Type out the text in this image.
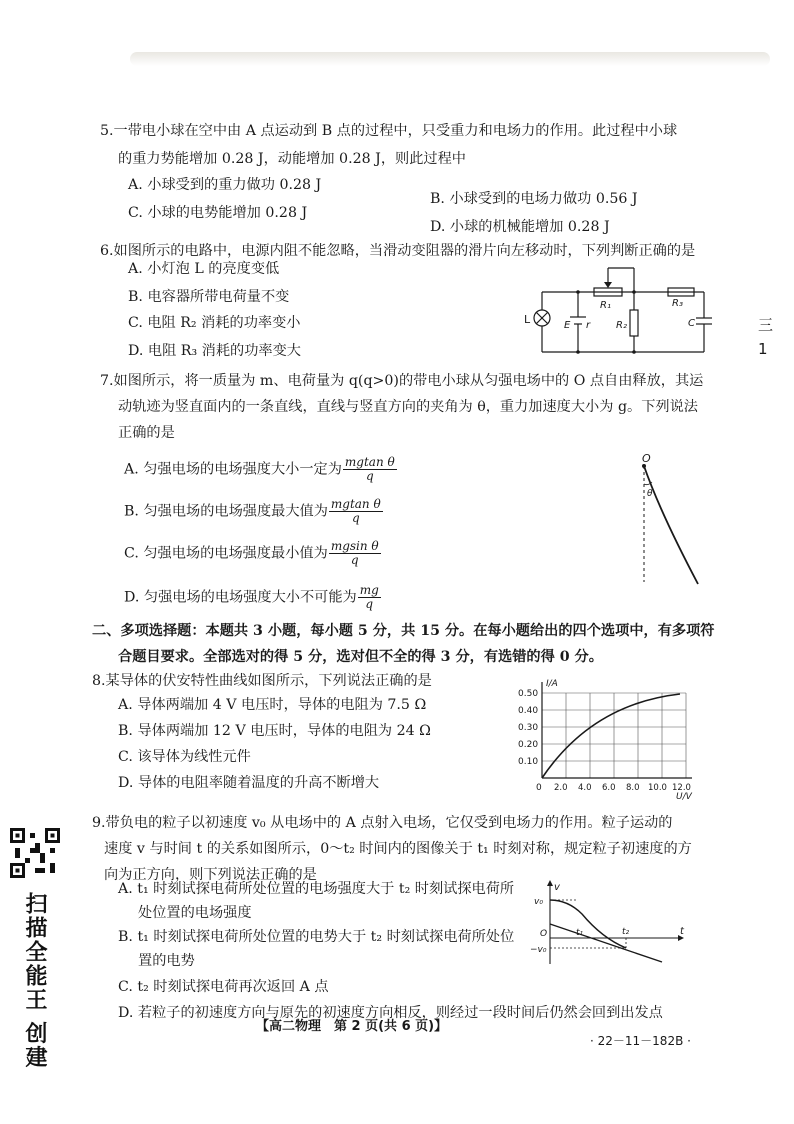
5.一带电小球在空中由 A 点运动到 B 点的过程中，只受重力和电场力的作用。此过程中小球
的重力势能增加 0.28 J，动能增加 0.28 J，则此过程中
A. 小球受到的重力做功 0.28 J
B. 小球受到的电场力做功 0.56 J
C. 小球的电势能增加 0.28 J
D. 小球的机械能增加 0.28 J
6.如图所示的电路中，电源内阻不能忽略，当滑动变阻器的滑片向左移动时，下列判断正确的是
A. 小灯泡 L 的亮度变低
B. 电容器所带电荷量不变
C. 电阻 R₂ 消耗的功率变小
D. 电阻 R₃ 消耗的功率变大
L	E r
R₁
R₂
R₃
C
7.如图所示，将一质量为 m、电荷量为 q(q>0)的带电小球从匀强电场中的 O 点自由释放，其运
动轨迹为竖直面内的一条直线，直线与竖直方向的夹角为 θ，重力加速度大小为 g。下列说法
正确的是
A. 匀强电场的电场强度大小一定为 $\frac{\text{mgtan θ}}{q}$
B. 匀强电场的电场强度最大值为 $\frac{\text{mgtan θ}}{q}$
C. 匀强电场的电场强度最小值为 $\frac{\text{mgsin θ}}{q}$
D. 匀强电场的电场强度大小不可能为 $\frac{mg}{q}$
O
θ
二、多项选择题：本题共 3 小题，每小题 5 分，共 15 分。在每小题给出的四个选项中，有多项符
合题目要求。全部选对的得 5 分，选对但不全的得 3 分，有选错的得 0 分。
8.某导体的伏安特性曲线如图所示，下列说法正确的是
A. 导体两端加 4 V 电压时，导体的电阻为 7.5 Ω
B. 导体两端加 12 V 电压时，导体的电阻为 24 Ω
C. 该导体为线性元件
D. 导体的电阻率随着温度的升高不断增大
I/A
U/V
0
0.10
0.20
0.30
0.40
0.50
2.0 4.0 6.0 8.0 10.0 12.0
9.带负电的粒子以初速度 v₀ 从电场中的 A 点射入电场，它仅受到电场力的作用。粒子运动的
速度 v 与时间 t 的关系如图所示，0～t₂ 时间内的图像关于 t₁ 时刻对称，规定粒子初速度的方
向为正方向，则下列说法正确的是
A. t₁ 时刻试探电荷所处位置的电场强度大于 t₂ 时刻试探电荷所
处位置的电场强度
B. t₁ 时刻试探电荷所处位置的电势大于 t₂ 时刻试探电荷所处位
置的电势
C. t₂ 时刻试探电荷再次返回 A 点
D. 若粒子的初速度方向与原先的初速度方向相反，则经过一段时间后仍然会回到出发点
v
t
v₀
−v₀
O	t₁	t₂
【高二物理　第 2 页(共 6 页)】
· 22－11－182B ·
扫描全能王 创建
三
1
